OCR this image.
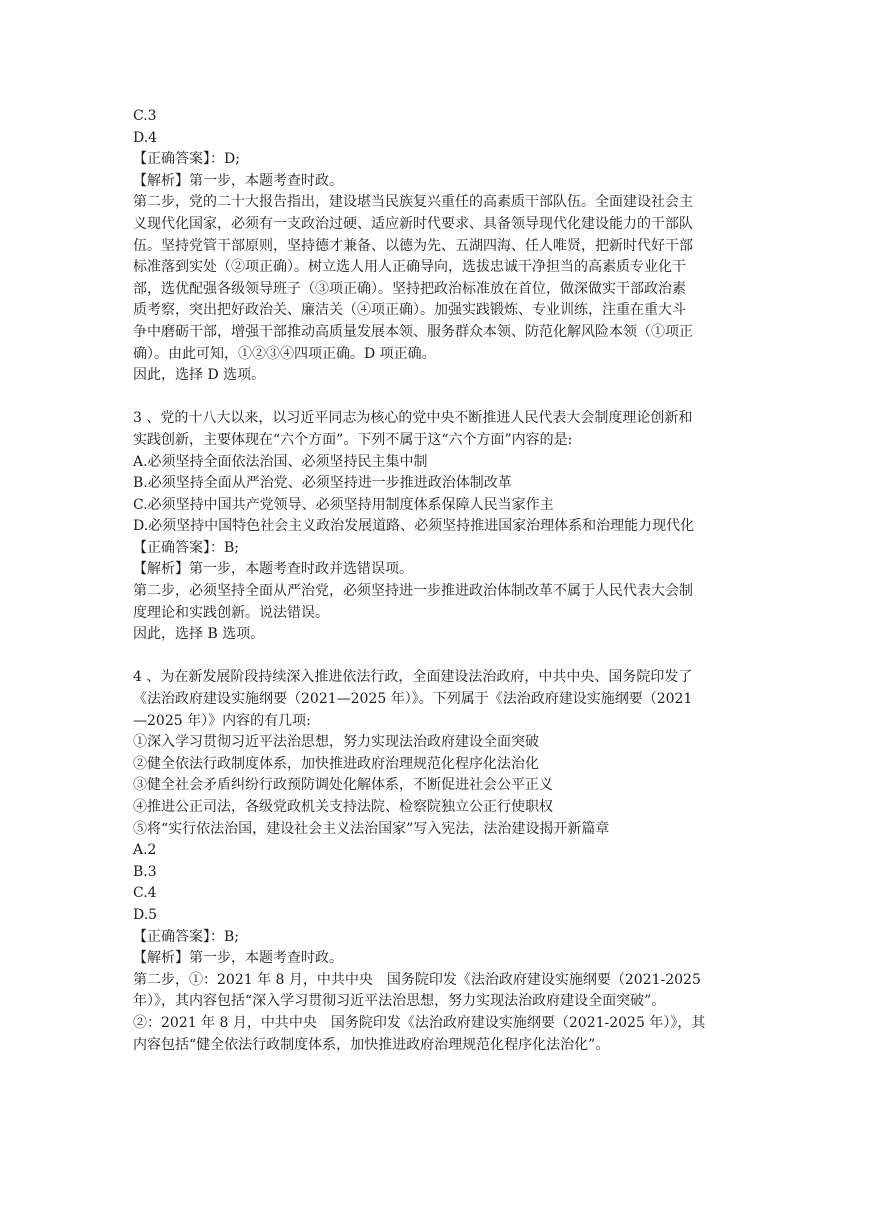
C.3
D.4
【正确答案】：D;
【解析】第一步，本题考查时政。
第二步，党的二十大报告指出，建设堪当民族复兴重任的高素质干部队伍。全面建设社会主
义现代化国家，必须有一支政治过硬、适应新时代要求、具备领导现代化建设能力的干部队
伍。坚持党管干部原则，坚持德才兼备、以德为先、五湖四海、任人唯贤，把新时代好干部
标准落到实处（②项正确）。树立选人用人正确导向，选拔忠诚干净担当的高素质专业化干
部，选优配强各级领导班子（③项正确）。坚持把政治标准放在首位，做深做实干部政治素
质考察，突出把好政治关、廉洁关（④项正确）。加强实践锻炼、专业训练，注重在重大斗
争中磨砺干部，增强干部推动高质量发展本领、服务群众本领、防范化解风险本领（①项正
确）。由此可知，①②③④四项正确。D 项正确。
因此，选择 D 选项。
3 、党的十八大以来，以习近平同志为核心的党中央不断推进人民代表大会制度理论创新和
实践创新，主要体现在“六个方面”。下列不属于这“六个方面”内容的是:
A.必须坚持全面依法治国、必须坚持民主集中制
B.必须坚持全面从严治党、必须坚持进一步推进政治体制改革
C.必须坚持中国共产党领导、必须坚持用制度体系保障人民当家作主
D.必须坚持中国特色社会主义政治发展道路、必须坚持推进国家治理体系和治理能力现代化
【正确答案】：B;
【解析】第一步，本题考查时政并选错误项。
第二步，必须坚持全面从严治党，必须坚持进一步推进政治体制改革不属于人民代表大会制
度理论和实践创新。说法错误。
因此，选择 B 选项。
4 、为在新发展阶段持续深入推进依法行政，全面建设法治政府，中共中央、国务院印发了
《法治政府建设实施纲要（2021—2025 年）》。下列属于《法治政府建设实施纲要（2021
—2025 年）》内容的有几项:
①深入学习贯彻习近平法治思想，努力实现法治政府建设全面突破
②健全依法行政制度体系，加快推进政府治理规范化程序化法治化
③健全社会矛盾纠纷行政预防调处化解体系，不断促进社会公平正义
④推进公正司法，各级党政机关支持法院、检察院独立公正行使职权
⑤将“实行依法治国，建设社会主义法治国家”写入宪法，法治建设揭开新篇章
A.2
B.3
C.4
D.5
【正确答案】：B;
【解析】第一步，本题考查时政。
第二步，①：2021 年 8 月，中共中央　国务院印发《法治政府建设实施纲要（2021-2025
年）》，其内容包括“深入学习贯彻习近平法治思想，努力实现法治政府建设全面突破”。
②：2021 年 8 月，中共中央　国务院印发《法治政府建设实施纲要（2021-2025 年）》，其
内容包括“健全依法行政制度体系，加快推进政府治理规范化程序化法治化”。
